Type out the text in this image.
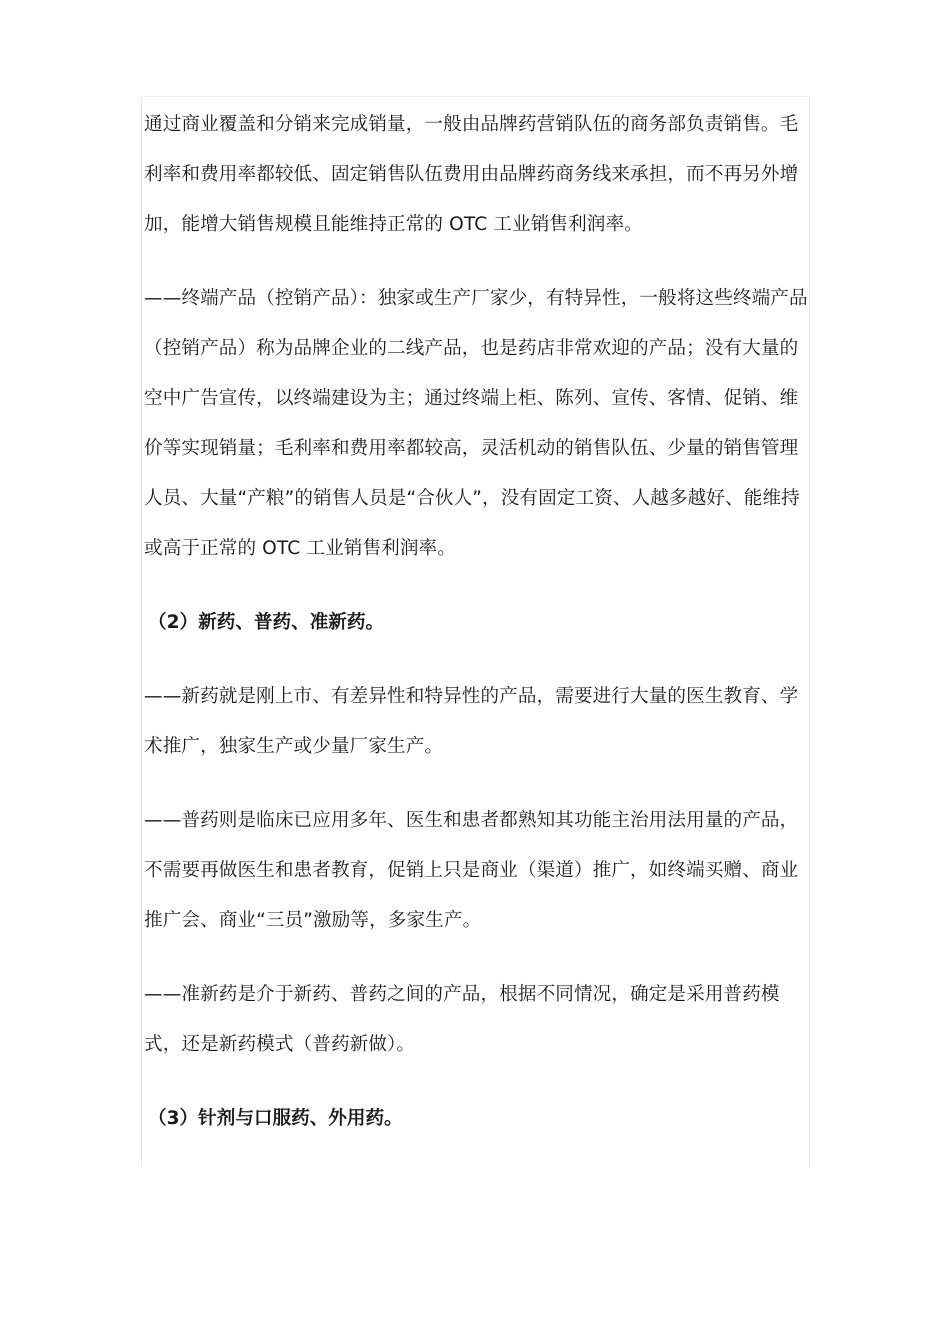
通过商业覆盖和分销来完成销量，一般由品牌药营销队伍的商务部负责销售。毛利率和费用率都较低、固定销售队伍费用由品牌药商务线来承担，而不再另外增加，能增大销售规模且能维持正常的 OTC 工业销售利润率。

——终端产品（控销产品）：独家或生产厂家少，有特异性，一般将这些终端产品（控销产品）称为品牌企业的二线产品，也是药店非常欢迎的产品；没有大量的空中广告宣传，以终端建设为主；通过终端上柜、陈列、宣传、客情、促销、维价等实现销量；毛利率和费用率都较高，灵活机动的销售队伍、少量的销售管理人员、大量“产粮”的销售人员是“合伙人”，没有固定工资、人越多越好、能维持或高于正常的 OTC 工业销售利润率。

（2）新药、普药、准新药。

——新药就是刚上市、有差异性和特异性的产品，需要进行大量的医生教育、学术推广，独家生产或少量厂家生产。

——普药则是临床已应用多年、医生和患者都熟知其功能主治用法用量的产品，不需要再做医生和患者教育，促销上只是商业（渠道）推广，如终端买赠、商业推广会、商业“三员”激励等，多家生产。

——准新药是介于新药、普药之间的产品，根据不同情况，确定是采用普药模式，还是新药模式（普药新做）。

（3）针剂与口服药、外用药。
